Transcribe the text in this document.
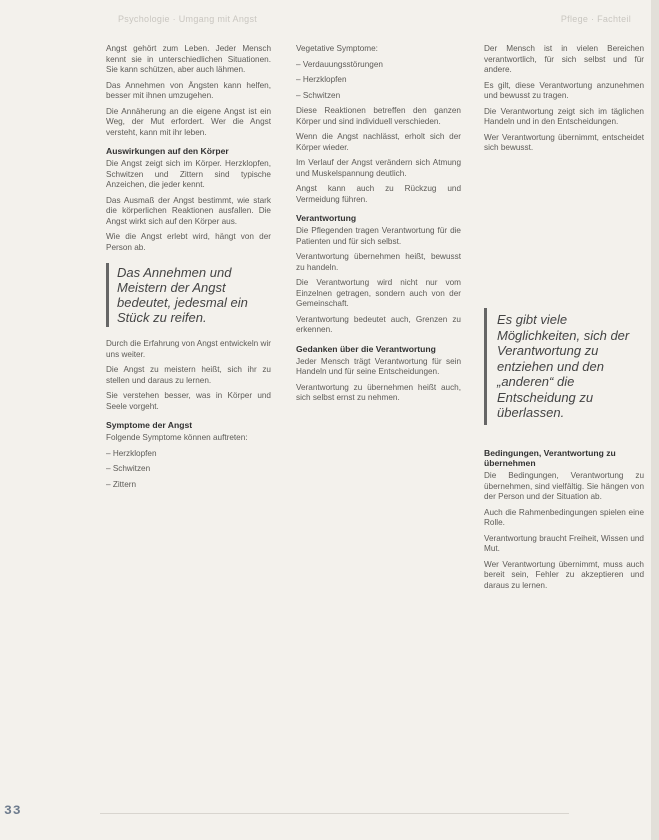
Psychologie · Umgang mit Angst	Pflege · Fachteil

Angst gehört zum Leben. Jeder Mensch kennt sie in unterschiedlichen Situationen. Sie kann schützen, aber auch lähmen.

Das Annehmen von Ängsten kann helfen, besser mit ihnen umzugehen.

Die Annäherung an die eigene Angst ist ein Weg, der Mut erfordert. Wer die Angst versteht, kann mit ihr leben.

Auswirkungen auf den Körper

Die Angst zeigt sich im Körper. Herzklopfen, Schwitzen und Zittern sind typische Anzeichen, die jeder kennt.

Das Ausmaß der Angst bestimmt, wie stark die körperlichen Reaktionen ausfallen. Die Angst wirkt sich auf den Körper aus.

Wie die Angst erlebt wird, hängt von der Person ab.

Das Annehmen und Meistern der Angst bedeutet, jedesmal ein Stück zu reifen.

Durch die Erfahrung von Angst entwickeln wir uns weiter.

Die Angst zu meistern heißt, sich ihr zu stellen und daraus zu lernen.

Sie verstehen besser, was in Körper und Seele vorgeht.

Symptome der Angst

Folgende Symptome können auftreten:

– Herzklopfen

– Schwitzen

– Zittern

Vegetative Symptome:

– Verdauungsstörungen

– Herzklopfen

– Schwitzen

Diese Reaktionen betreffen den ganzen Körper und sind individuell verschieden.

Wenn die Angst nachlässt, erholt sich der Körper wieder.

Im Verlauf der Angst verändern sich Atmung und Muskelspannung deutlich.

Angst kann auch zu Rückzug und Vermeidung führen.

Verantwortung

Die Pflegenden tragen Verantwortung für die Patienten und für sich selbst.

Verantwortung übernehmen heißt, bewusst zu handeln.

Die Verantwortung wird nicht nur vom Einzelnen getragen, sondern auch von der Gemeinschaft.

Verantwortung bedeutet auch, Grenzen zu erkennen.

Gedanken über die Verantwortung

Jeder Mensch trägt Verantwortung für sein Handeln und für seine Entscheidungen.

Verantwortung zu übernehmen heißt auch, sich selbst ernst zu nehmen.

Der Mensch ist in vielen Bereichen verantwortlich, für sich selbst und für andere.

Es gilt, diese Verantwortung anzunehmen und bewusst zu tragen.

Die Verantwortung zeigt sich im täglichen Handeln und in den Entscheidungen.

Wer Verantwortung übernimmt, entscheidet sich bewusst.

Es gibt viele Möglichkeiten, sich der Verantwortung zu entziehen und den „anderen“ die Entscheidung zu überlassen.
Bedingungen, Verantwortung zu übernehmen

Die Bedingungen, Verantwortung zu übernehmen, sind vielfältig. Sie hängen von der Person und der Situation ab.

Auch die Rahmenbedingungen spielen eine Rolle.

Verantwortung braucht Freiheit, Wissen und Mut.

Wer Verantwortung übernimmt, muss auch bereit sein, Fehler zu akzeptieren und daraus zu lernen.

33
